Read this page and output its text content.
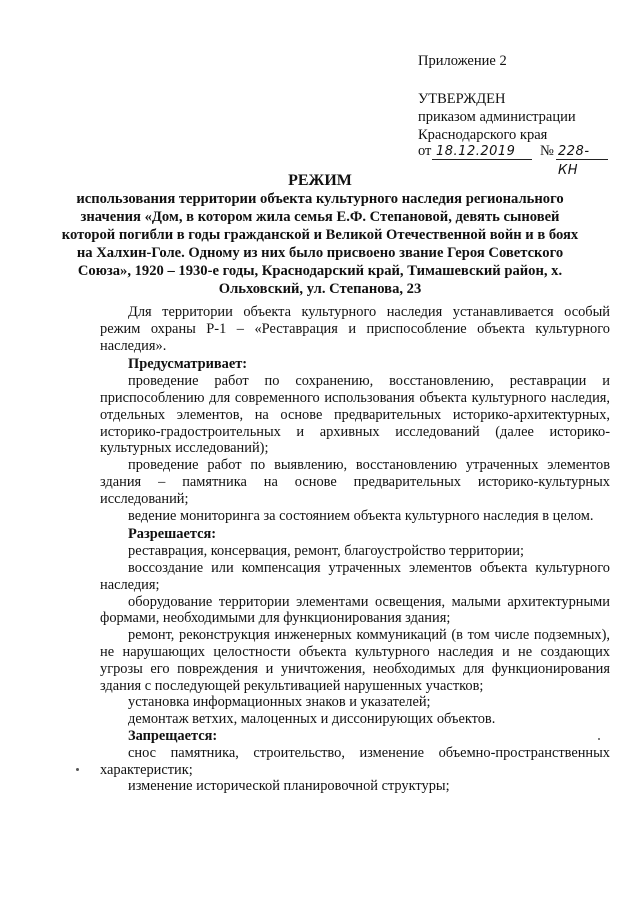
Приложение 2
УТВЕРЖДЕН
приказом администрации
Краснодарского края
от 18.12.2019 № 228-КН
РЕЖИМ
использования территории объекта культурного наследия регионального значения «Дом, в котором жила семья Е.Ф. Степановой, девять сыновей которой погибли в годы гражданской и Великой Отечественной войн и в боях на Халхин-Голе. Одному из них было присвоено звание Героя Советского Союза», 1920 – 1930-е годы, Краснодарский край, Тимашевский район, х. Ольховский, ул. Степанова, 23

Для территории объекта культурного наследия устанавливается особый режим охраны Р-1 – «Реставрация и приспособление объекта культурного наследия».

Предусматривает:

проведение работ по сохранению, восстановлению, реставрации и приспособлению для современного использования объекта культурного наследия, отдельных элементов, на основе предварительных историко-архитектурных, историко-градостроительных и архивных исследований (далее историко-культурных исследований);

проведение работ по выявлению, восстановлению утраченных элементов здания – памятника на основе предварительных историко-культурных исследований;

ведение мониторинга за состоянием объекта культурного наследия в целом.

Разрешается:

реставрация, консервация, ремонт, благоустройство территории;

воссоздание или компенсация утраченных элементов объекта культурного наследия;

оборудование территории элементами освещения, малыми архитектурными формами, необходимыми для функционирования здания;

ремонт, реконструкция инженерных коммуникаций (в том числе подземных), не нарушающих целостности объекта культурного наследия и не создающих угрозы его повреждения и уничтожения, необходимых для функционирования здания с последующей рекультивацией нарушенных участков;

установка информационных знаков и указателей;

демонтаж ветхих, малоценных и диссонирующих объектов.

Запрещается:

снос памятника, строительство, изменение объемно-пространственных характеристик;

изменение исторической планировочной структуры;
